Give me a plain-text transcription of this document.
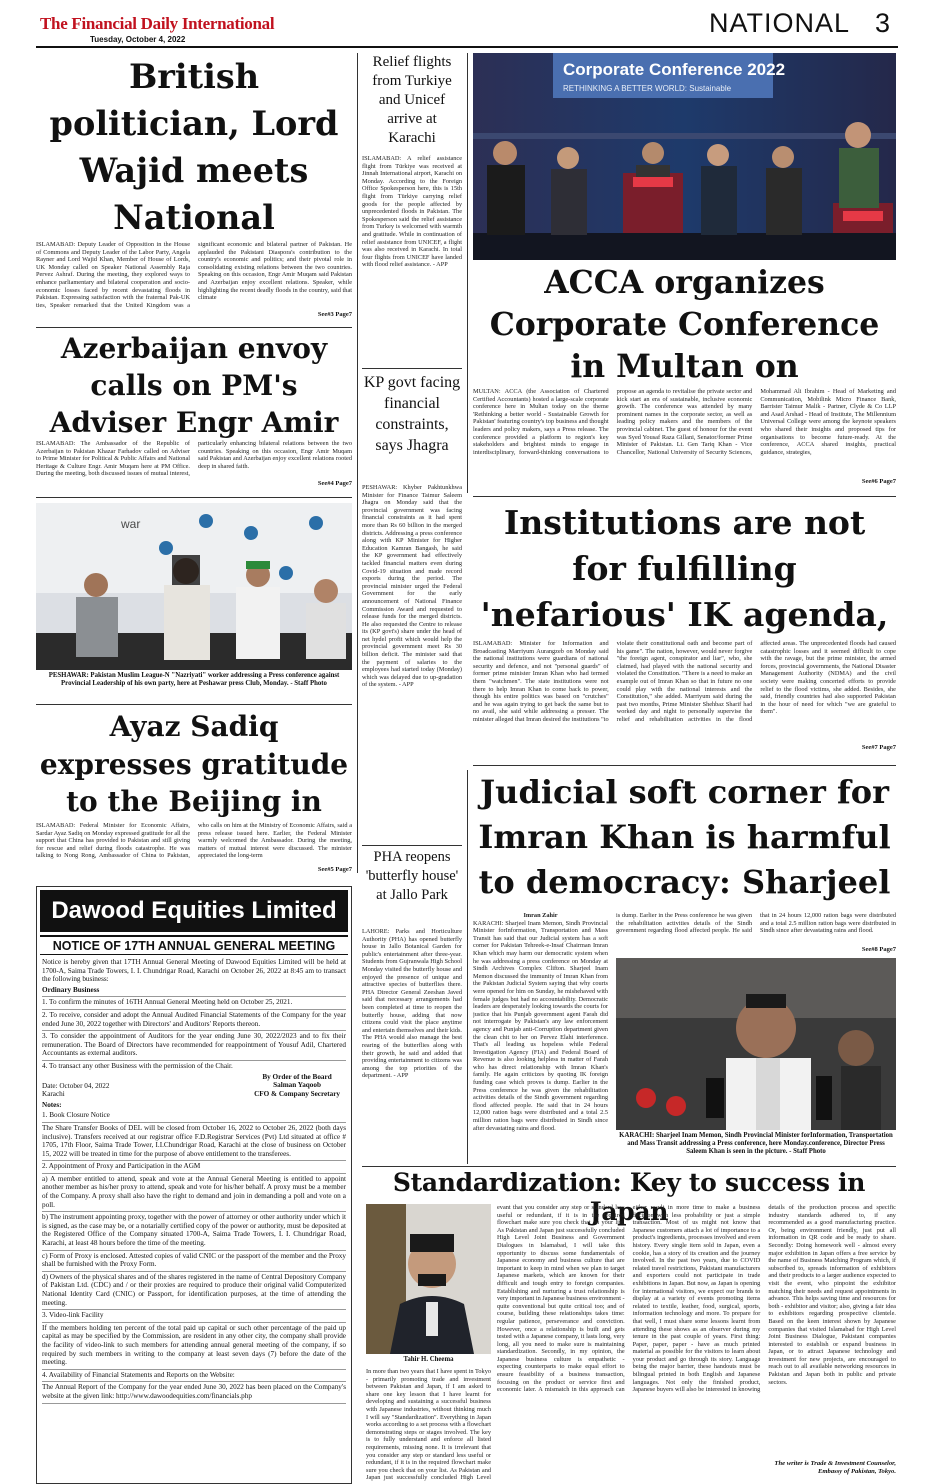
The Financial Daily International
Tuesday, October 4, 2022
NATIONAL 3
British politician, Lord Wajid meets National
ISLAMABAD: Deputy Leader of Opposition in the House of Commons and Deputy Leader of the Labor Party, Angela Rayner and Lord Wajid Khan, Member of House of Lords, UK Monday called on Speaker National Assembly Raja Pervez Ashraf. During the meeting, they explored ways to enhance parliamentary and bilateral cooperation and socio-economic losses faced by recent devastating floods in Pakistan. Expressing satisfaction with the fraternal Pak-UK ties, Speaker remarked that the United Kingdom was a significant economic and bilateral partner of Pakistan. He applauded the Pakistani Diaspora's contribution to the country's economic and politics; and their pivotal role in consolidating existing relations between the two countries. Speaking on this occasion, Engr Amir Muqam said Pakistan and Azerbaijan enjoy excellent relations. Speaker, while highlighting the recent deadly floods in the country, said that climate
See#3 Page7
Relief flights from Turkiye and Unicef arrive at Karachi
ISLAMABAD: A relief assistance flight from Türkiye was received at Jinnah International airport, Karachi on Monday. According to the Foreign Office Spokesperson here, this is 15th flight from Türkiye carrying relief goods for the people affected by unprecedented floods in Pakistan. The Spokesperson said the relief assistance from Turkey is welcomed with warmth and gratitude. While in continuation of relief assistance from UNICEF, a flight was also received in Karachi. In total four flights from UNICEF have landed with flood relief assistance. - APP
Corporate Conference 2022
RETHINKING A BETTER WORLD: Sustainable
ACCA organizes Corporate Conference in Multan on
MULTAN: ACCA (the Association of Chartered Certified Accountants) hosted a large-scale corporate conference here in Multan today on the theme 'Rethinking a better world - Sustainable Growth for Pakistan' featuring country's top business and thought leaders and policy makers, says a Press release. The conference provided a platform to region's key stakeholders and brightest minds to engage in interdisciplinary, forward-thinking conversations to propose an agenda to revitalise the private sector and kick start an era of sustainable, inclusive economic growth. The conference was attended by many prominent names in the corporate sector, as well as leading policy makers and the members of the provincial cabinet. The guest of honour for the event was Syed Yousaf Raza Gillani, Senator/former Prime Minister of Pakistan. Lt. Gen Tariq Khan - Vice Chancellor, National University of Security Sciences, Mohammad Ali Ibrahim - Head of Marketing and Communication, Mobilink Micro Finance Bank, Barrister Taimur Malik - Partner, Clyde & Co LLP and Asad Arshad - Head of Institute, The Millennium Universal College were among the keynote speakers who shared their insights and proposed tips for organisations to become future-ready. At the conference, ACCA shared insights, practical guidance, strategies,
See#6 Page7
Azerbaijan envoy calls on PM's Adviser Engr Amir
ISLAMABAD: The Ambassador of the Republic of Azerbaijan to Pakistan Khazar Farhadov called on Adviser to Prime Minister for Political & Public Affairs and National Heritage & Culture Engr. Amir Muqam here at PM Office. During the meeting, both discussed issues of mutual interest, particularly enhancing bilateral relations between the two countries. Speaking on this occasion, Engr Amir Muqam said Pakistan and Azerbaijan enjoy excellent relations rooted deep in shared faith.
See#4 Page7
KP govt facing financial constraints, says Jhagra
PESHAWAR: Khyber Pakhtunkhwa Minister for Finance Taimur Saleem Jhagra on Monday said that the provincial government was facing financial constraints as it had spent more than Rs 60 billion in the merged districts. Addressing a press conference along with KP Minister for Higher Education Kamran Bangash, he said the KP government had effectively tackled financial matters even during Covid-19 situation and made record exports during the period. The provincial minister urged the Federal Government for the early announcement of National Finance Commission Award and requested to release funds for the merged districts. He also requested the Centre to release its (KP govt's) share under the head of net hydel profit which would help the provincial government meet Rs 30 billion deficit. The minister said that the payment of salaries to the employees had started today (Monday) which was delayed due to up-gradation of the system. - APP
war
PESHAWAR: Pakistan Muslim League-N "Nazriyati" worker addressing a Press conference against Provincial Leadership of his own party, here at Peshawar press Club, Monday. - Staff Photo
Institutions are not for fulfilling 'nefarious' IK agenda,
ISLAMABAD: Minister for Information and Broadcasting Marriyum Aurangzeb on Monday said the national institutions were guardians of national security and defence, and not "personal guards" of former prime minister Imran Khan who had termed them "watchmen". The state institutions were not there to help Imran Khan to come back to power, though his entire politics was based on "crutches" and he was again trying to get back the same but to no avail, she said while addressing a presser. The minister alleged that Imran desired the institutions "to violate their constitutional oath and become part of his game". The nation, however, would never forgive "the foreign agent, conspirator and liar", who, she claimed, had played with the national security and violated the Constitution. "There is a need to make an example out of Imran Khan so that in future no one could play with the national interests and the Constitution," she added. Marriyum said during the past two months, Prime Minister Shehbaz Sharif had worked day and night to personally supervise the relief and rehabilitation activities in the flood affected areas. The unprecedented floods had caused catastrophic losses and it seemed difficult to cope with the ravage, but the prime minister, the armed forces, provincial governments, the National Disaster Management Authority (NDMA) and the civil society were making concerted efforts to provide relief to the flood victims, she added. Besides, she said, friendly countries had also supported Pakistan in the hour of need for which "we are grateful to them".
See#7 Page7
Ayaz Sadiq expresses gratitude to the Beijing in
ISLAMABAD: Federal Minister for Economic Affairs, Sardar Ayaz Sadiq on Monday expressed gratitude for all the support that China has provided to Pakistan and still giving for rescue and relief during floods catastrophe. He was talking to Nong Rong, Ambassador of China to Pakistan, who calls on him at the Ministry of Economic Affairs, said a press release issued here. Earlier, the Federal Minister warmly welcomed the Ambassador. During the meeting, matters of mutual interest were discussed. The minister appreciated the long-term
See#5 Page7
Dawood Equities Limited
NOTICE OF 17TH ANNUAL GENERAL MEETING

Notice is hereby given that 17TH Annual General Meeting of Dawood Equities Limited will be held at 1700-A, Saima Trade Towers, I. I. Chundrigar Road, Karachi on October 26, 2022 at 8:45 am to transact the following business:

Ordinary Business

1. To confirm the minutes of 16TH Annual General Meeting held on October 25, 2021.

2. To receive, consider and adopt the Annual Audited Financial Statements of the Company for the year ended June 30, 2022 together with Directors' and Auditors' Reports thereon.

3. To consider the appointment of Auditors for the year ending June 30, 2022/2023 and to fix their remuneration. The Board of Directors have recommended for reappointment of Yousuf Adil, Chartered Accountants as external auditors.

4. To transact any other Business with the permission of the Chair.

Date: October 04, 2022
Karachi
By Order of the Board
Salman Yaqoob
CFO & Company Secretary

Notes:

1. Book Closure Notice

The Share Transfer Books of DEL will be closed from October 16, 2022 to October 26, 2022 (both days inclusive). Transfers received at our registrar office F.D.Registrar Services (Pvt) Ltd situated at office # 1705, 17th Floor, Saima Trade Tower, I.I.Chundrigar Road, Karachi at the close of business on October 15, 2022 will be treated in time for the purpose of above entitlement to the transferees.

2. Appointment of Proxy and Participation in the AGM

a) A member entitled to attend, speak and vote at the Annual General Meeting is entitled to appoint another member as his/her proxy to attend, speak and vote for his/her behalf. A proxy must be a member of the Company. A proxy shall also have the right to demand and join in demanding a poll and vote on a poll.

b) The instrument appointing proxy, together with the power of attorney or other authority under which it is signed, as the case may be, or a notarially certified copy of the power or authority, must be deposited at the Registered Office of the Company situated 1700-A, Saima Trade Towers, I. I. Chundrigar Road, Karachi, at least 48 hours before the time of the meeting.

c) Form of Proxy is enclosed. Attested copies of valid CNIC or the passport of the member and the Proxy shall be furnished with the Proxy Form.

d) Owners of the physical shares and of the shares registered in the name of Central Depository Company of Pakistan Ltd. (CDC) and / or their proxies are required to produce their original valid Computerized National Identity Card (CNIC) or Passport, for identification purposes, at the time of attending the meeting.

3. Video-link Facility

If the members holding ten percent of the total paid up capital or such other percentage of the paid up capital as may be specified by the Commission, are resident in any other city, the company shall provide the facility of video-link to such members for attending annual general meeting of the company, if so required by such members in writing to the company at least seven days (7) before the date of the meeting.

4. Availability of Financial Statements and Reports on the Website:

The Annual Report of the Company for the year ended June 30, 2022 has been placed on the Company's website at the given link: http://www.dawoodequities.com/financials.php

PHA reopens 'butterfly house' at Jallo Park
LAHORE: Parks and Horticulture Authority (PHA) has opened butterfly house in Jallo Botanical Garden for public's entertainment after three-year. Students from Gujranwala High School Monday visited the butterfly house and enjoyed the presence of unique and attractive species of butterflies there. PHA Director General Zeeshan Javed said that necessary arrangements had been completed at time to reopen the butterfly house, adding that now citizens could visit the place anytime and entertain themselves and their kids. The PHA would also manage the best rearing of the butterflies along with their growth, he said and added that providing entertainment to citizens was among the top priorities of the department. - APP
Judicial soft corner for Imran Khan is harmful to democracy: Sharjeel
Imran Zahir
KARACHI: Sharjeel Inam Memon, Sindh Provincial Minister forInformation, Transportation and Mass Transit has said that our Judicial system has a soft corner for Pakistan Tehreek-e-Insaf Chairman Imran Khan which may harm our democratic system when he was addressing a press conference on Monday at Sindh Archives Complex Clifton. Sharjeel Inam Memon discussed the immunity of Imran Khan from the Pakistan Judicial System saying that why courts were opened for him on Sunday, he mishehaved with female judges but had no accountability. Democratic leaders are desperately looking towards the courts for justice that his Punjab government agent Farah did not interrogate by Pakistan's any law enforcement agency and Punjab anti-Corruption department given the clean chit to her on Pervez Elahi interference. That's all leading us hopeless while Federal Investigation Agency (FIA) and Federal Board of Revenue is also looking helpless in matter of Farah who has direct relationship with Imran Khan's family. He again criticizes by quoting IK foreign funding case which proves is dump. Earlier in the Press conference he was given the rehabilitation activities details of the Sindh government regarding flood affected people. He said that in 24 hours 12,000 ration bags were distributed and a total 2.5 million ration bags were distributed in Sindh since after devastating rains and flood.
is dump. Earlier in the Press conference he was given the rehabilitation activities details of the Sindh government regarding flood affected people. He said that in 24 hours 12,000 ration bags were distributed and a total 2.5 million ration bags were distributed in Sindh since after devastating rains and flood.
See#8 Page7
KARACHI: Sharjeel Inam Memon, Sindh Provincial Minister forInformation, Transportation and Mass Transit addressing a Press conference, here Monday.conference, Director Press Saleem Khan is seen in the picture. - Staff Photo
Standardization: Key to success in Japan
Tahir H. Cheema
In more than two years that I have spent in Tokyo - primarily promoting trade and investment between Pakistan and Japan, if I am asked to share one key lesson that I have learnt for developing and sustaining a successful business with Japanese industries, without thinking much I will say "Standardization". Everything in Japan works according to a set process with a flowchart demonstrating steps or stages involved. The key is to fully understand and enforce all listed requirements, missing none. It is irrelevant that you consider any step or standard less useful or redundant, if it is in the required flowchart make sure you check that on your list. As Pakistan and Japan just successfully concluded High Level
evant that you consider any step or standard less useful or redundant, if it is in the required flowchart make sure you check that on your list. As Pakistan and Japan just successfully concluded High Level Joint Business and Government Dialogues in Islamabad, I will take this opportunity to discuss some fundamentals of Japanese economy and business culture that are important to keep in mind when we plan to target Japanese markets, which are known for their difficult and tough entry to foreign companies. Establishing and nurturing a trust relationship is very important in Japanese business environment - quite conventional but quite critical too; and of course, building these relationships takes time: regular patience, perseverance and conviction. However, once a relationship is built and gets tested with a Japanese company, it lasts long, very long, all you need to make sure is maintaining standardization. Secondly, in my opinion, the Japanese business culture is empathetic - expecting counterparts to make equal effort to ensure feasibility of a business transaction, focusing on the product or service first and economic later. A mismatch in this approach can either result in more time to make a business decision with less probability or just a simple transaction. Most of us might not know that Japanese customers attach a lot of importance to a product's ingredients, processes involved and even history. Every single item sold in Japan, even a cookie, has a story of its creation and the journey involved. In the past two years, due to COVID related travel restrictions, Pakistani manufacturers and exporters could not participate in trade exhibitions in Japan. But now, as Japan is opening for international visitors, we expect our brands to display at a variety of events promoting items related to textile, leather, food, surgical, sports, information technology and more. To prepare for that well, I must share some lessons learnt from attending these shows as an observer during my tenure in the past couple of years. First thing: Paper, paper, paper - have as much printed material as possible for the visitors to learn about your product and go through its story. Language being the major barrier, these handouts must be bilingual printed in both English and Japanese languages. Not only the finished product, Japanese buyers will also be interested in knowing details of the production process and specific industry standards adhered to, if any recommended as a good manufacturing practice. Or, being environment friendly, just put all information in QR code and be ready to share. Secondly: Doing homework well - almost every major exhibition in Japan offers a free service by the name of Business Matching Program which, if subscribed to, spreads information of exhibitors and their products to a larger audience expected to visit the event, who pinpoint the exhibitor matching their needs and request appointments in advance. This helps saving time and resources for both - exhibitor and visitor; also, giving a fair idea to exhibitors regarding prospective clientele. Based on the keen interest shown by Japanese companies that visited Islamabad for High Level Joint Business Dialogue, Pakistani companies interested to establish or expand business in Japan, or to attract Japanese technology and investment for new projects, are encouraged to reach out to all available networking resources in Pakistan and Japan both in public and private sectors.
The writer is Trade & Investment Counselor, Embassy of Pakistan, Tokyo.
